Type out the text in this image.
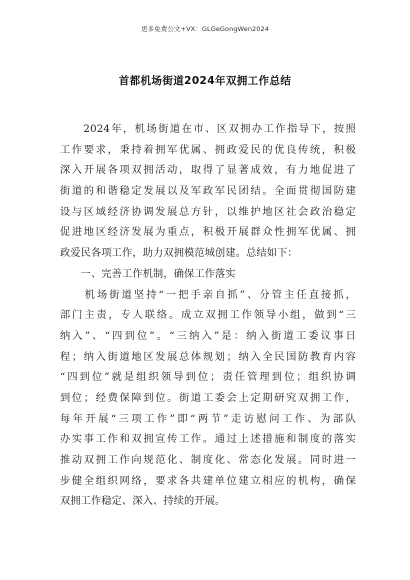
更多免费公文+VX：GLGeGongWen2024
首都机场街道2024年双拥工作总结
　　2024年，机场街道在市、区双拥办工作指导下，按照
工作要求，秉持着拥军优属、拥政爱民的优良传统，积极
深入开展各项双拥活动，取得了显著成效，有力地促进了
街道的和谐稳定发展以及军政军民团结。全面贯彻国防建
设与区域经济协调发展总方针，以维护地区社会政治稳定
促进地区经济发展为重点，积极开展群众性拥军优属、拥
政爱民各项工作，助力双拥模范城创建。总结如下：
　　一、完善工作机制，确保工作落实
　　机场街道坚持“一把手亲自抓”、分管主任直接抓，
部门主责，专人联络。成立双拥工作领导小组，做到“三
纳入”、“四到位”。“三纳入”是：纳入街道工委议事日
程；纳入街道地区发展总体规划；纳入全民国防教育内容
“四到位”就是组织领导到位；责任管理到位；组织协调
到位；经费保障到位。街道工委会上定期研究双拥工作，
每年开展“三项工作”即“两节”走访慰问工作、为部队
办实事工作和双拥宣传工作。通过上述措施和制度的落实
推动双拥工作向规范化、制度化、常态化发展。同时进一
步健全组织网络，要求各共建单位建立相应的机构，确保
双拥工作稳定、深入、持续的开展。
